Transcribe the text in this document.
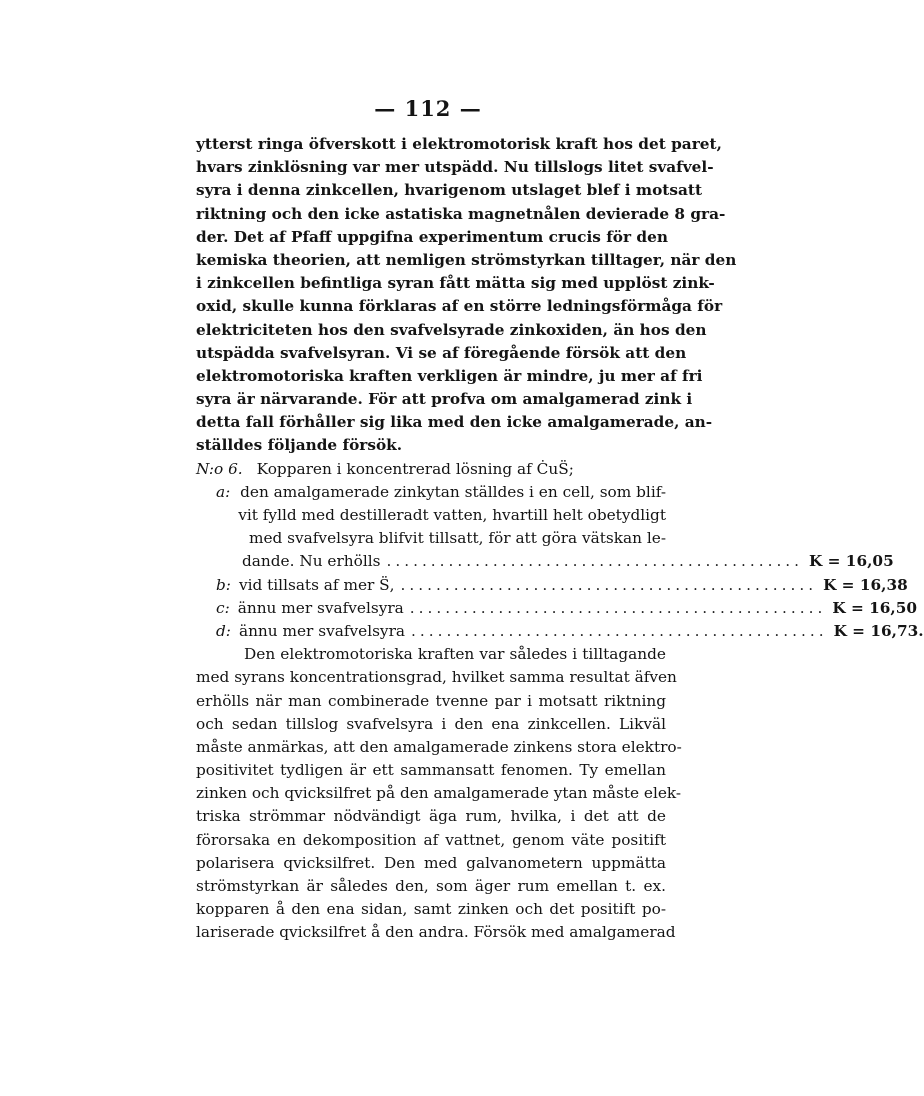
— 112 —
ytterst ringa öfverskott i elektromotorisk kraft hos det paret,
hvars zinklösning var mer utspädd. Nu tillslogs litet svafvel-
syra i denna zinkcellen, hvarigenom utslaget blef i motsatt
riktning och den icke astatiska magnetnålen devierade 8 gra-
der. Det af Pfaff uppgifna experimentum crucis för den
kemiska theorien, att nemligen strömstyrkan tilltager, när den
i zinkcellen befintliga syran fått mätta sig med upplöst zink-
oxid, skulle kunna förklaras af en större ledningsförmåga för
elektriciteten hos den svafvelsyrade zinkoxiden, än hos den
utspädda svafvelsyran. Vi se af föregående försök att den
elektromotoriska kraften verkligen är mindre, ju mer af fri
syra är närvarande. För att profva om amalgamerad zink i
detta fall förhåller sig lika med den icke amalgamerade, an-
ställdes följande försök.
N:o 6. Kopparen i koncentrerad lösning af ĊuS̈;
a: den amalgamerade zinkytan ställdes i en cell, som blif-
vit fylld med destilleradt vatten, hvartill helt obetydligt
med svafvelsyra blifvit tillsatt, för att göra vätskan le-
dande. Nu erhölls ............................................... K = 16,05
b: vid tillsats af mer S̈, ............................................... K = 16,38
c: ännu mer svafvelsyra ............................................... K = 16,50
d: ännu mer svafvelsyra ............................................... K = 16,73.
Den elektromotoriska kraften var således i tilltagande
med syrans koncentrationsgrad, hvilket samma resultat äfven
erhölls när man combinerade tvenne par i motsatt riktning
och sedan tillslog svafvelsyra i den ena zinkcellen. Likväl
måste anmärkas, att den amalgamerade zinkens stora elektro-
positivitet tydligen är ett sammansatt fenomen. Ty emellan
zinken och qvicksilfret på den amalgamerade ytan måste elek-
triska strömmar nödvändigt äga rum, hvilka, i det att de
förorsaka en dekomposition af vattnet, genom väte positift
polarisera qvicksilfret. Den med galvanometern uppmätta
strömstyrkan är således den, som äger rum emellan t. ex.
kopparen å den ena sidan, samt zinken och det positift po-
lariserade qvicksilfret å den andra. Försök med amalgamerad
